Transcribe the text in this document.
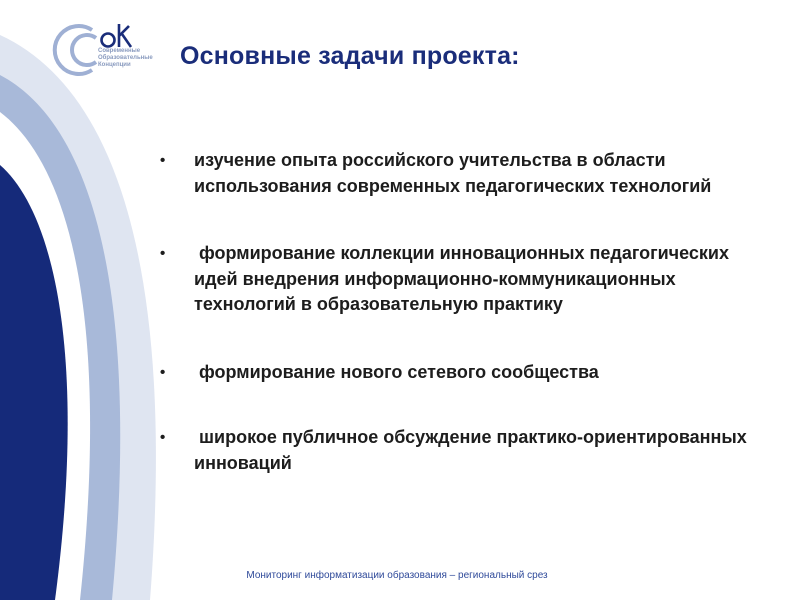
Современные
Образовательные
Концепции	Основные задачи проекта:
• изучение опыта российского учительства в области использования современных педагогических технологий
• формирование коллекции инновационных педагогических идей внедрения информационно-коммуникационных технологий в образовательную практику
• формирование нового сетевого сообщества
• широкое публичное обсуждение практико-ориентированных инноваций
Мониторинг информатизации образования – региональный срез
